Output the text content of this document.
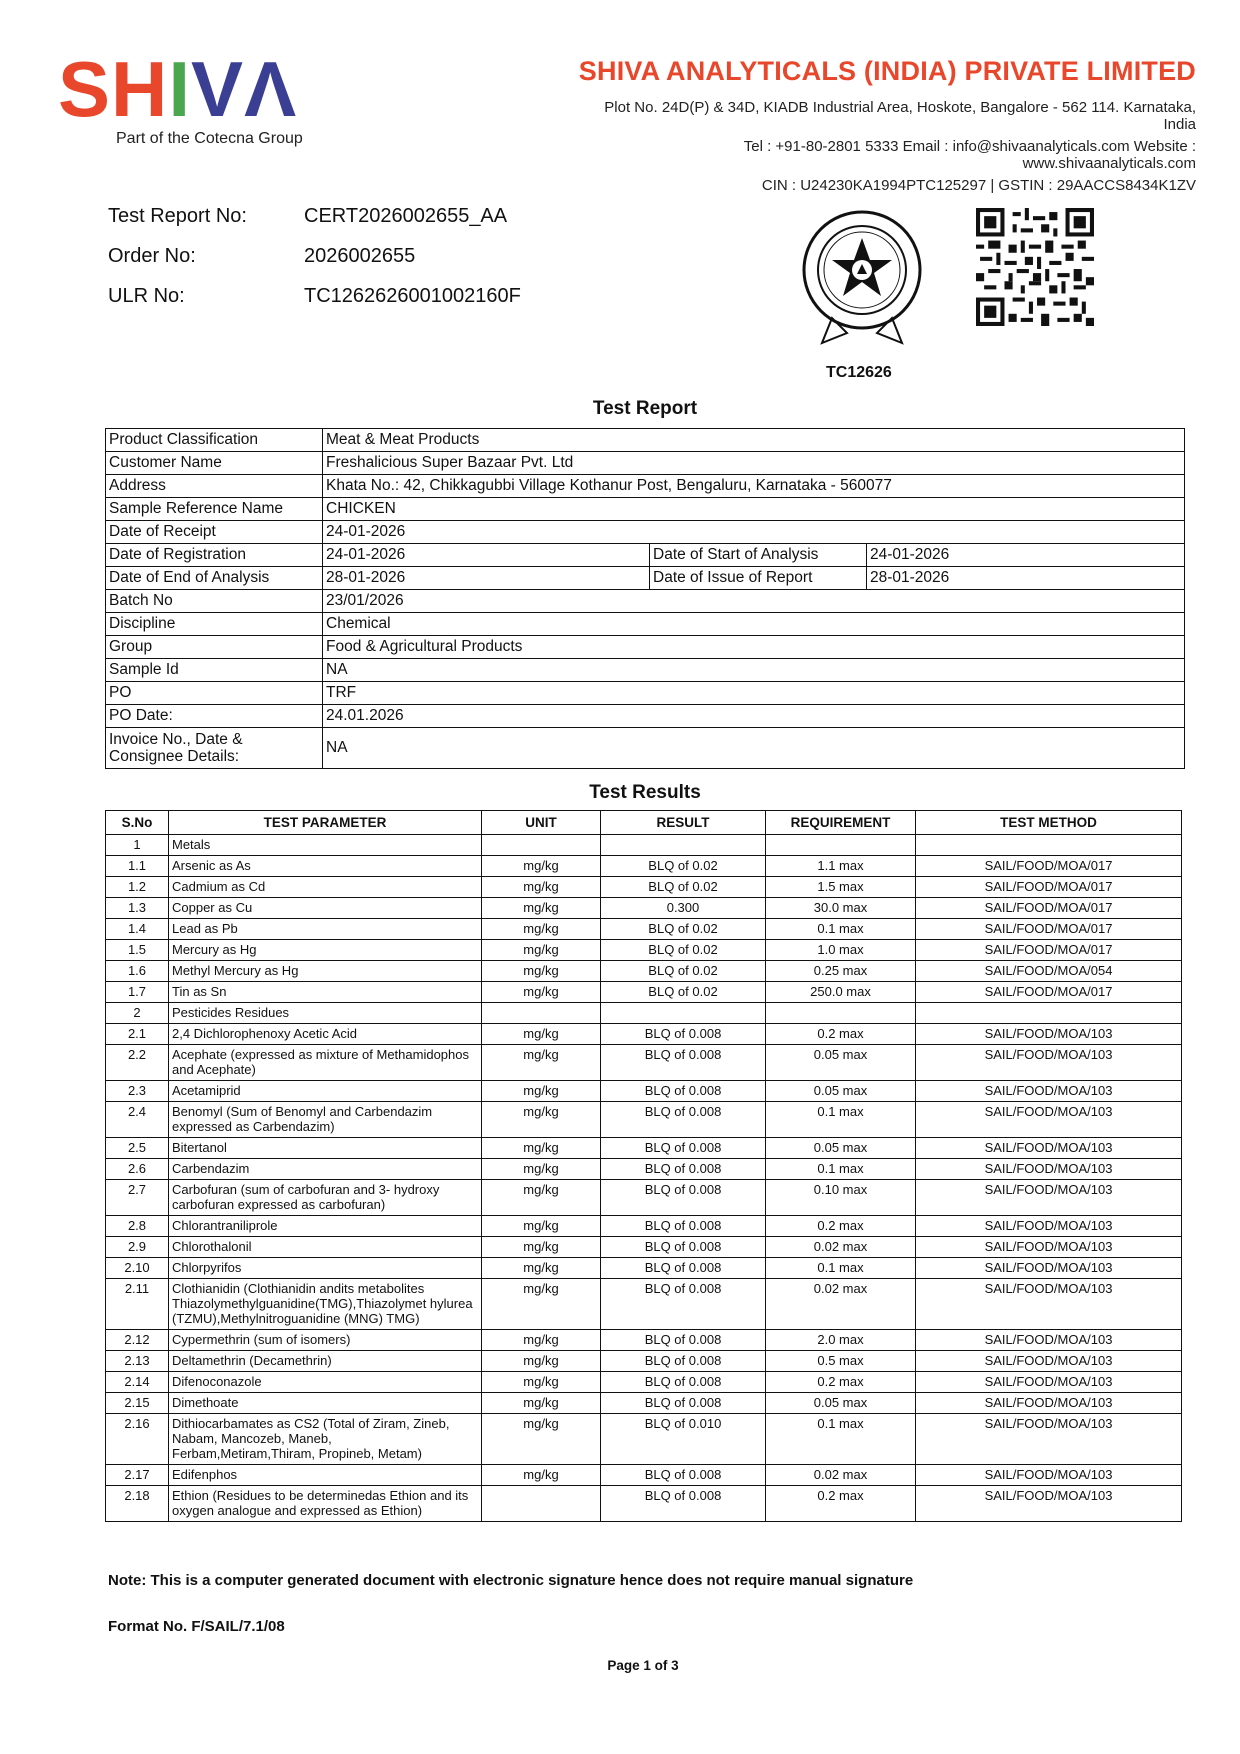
SHIVΛ
Part of the Cotecna Group
SHIVA ANALYTICALS (INDIA) PRIVATE LIMITED
Plot No. 24D(P) & 34D, KIADB Industrial Area, Hoskote, Bangalore - 562 114. Karnataka, India
Tel : +91-80-2801 5333 Email : info@shivaanalyticals.com Website : www.shivaanalyticals.com
CIN : U24230KA1994PTC125297 | GSTIN : 29AACCS8434K1ZV
Test Report No:	CERT2026002655_AA
Order No:	2026002655
ULR No:	TC1262626001002160F
TC12626
Test Report
Product Classification	Meat & Meat Products		
Customer Name	Freshalicious Super Bazaar Pvt. Ltd		
Address	Khata No.: 42, Chikkagubbi Village Kothanur Post, Bengaluru, Karnataka - 560077		
Sample Reference Name	CHICKEN		
Date of Receipt	24-01-2026		
Date of Registration	24-01-2026	Date of Start of Analysis	24-01-2026
Date of End of Analysis	28-01-2026	Date of Issue of Report	28-01-2026
Batch No	23/01/2026		
Discipline	Chemical		
Group	Food & Agricultural Products		
Sample Id	NA		
PO	TRF		
PO Date:	24.01.2026		
Invoice No., Date & Consignee Details:	NA		
Test Results
S.No	TEST PARAMETER	UNIT	RESULT	REQUIREMENT	TEST METHOD
1	Metals				
1.1	Arsenic as As	mg/kg	BLQ of 0.02	1.1 max	SAIL/FOOD/MOA/017
1.2	Cadmium as Cd	mg/kg	BLQ of 0.02	1.5 max	SAIL/FOOD/MOA/017
1.3	Copper as Cu	mg/kg	0.300	30.0 max	SAIL/FOOD/MOA/017
1.4	Lead as Pb	mg/kg	BLQ of 0.02	0.1 max	SAIL/FOOD/MOA/017
1.5	Mercury as Hg	mg/kg	BLQ of 0.02	1.0 max	SAIL/FOOD/MOA/017
1.6	Methyl Mercury as Hg	mg/kg	BLQ of 0.02	0.25 max	SAIL/FOOD/MOA/054
1.7	Tin as Sn	mg/kg	BLQ of 0.02	250.0 max	SAIL/FOOD/MOA/017
2	Pesticides Residues				
2.1	2,4 Dichlorophenoxy Acetic Acid	mg/kg	BLQ of 0.008	0.2 max	SAIL/FOOD/MOA/103
2.2	Acephate (expressed as mixture of Methamidophos and Acephate)	mg/kg	BLQ of 0.008	0.05 max	SAIL/FOOD/MOA/103
2.3	Acetamiprid	mg/kg	BLQ of 0.008	0.05 max	SAIL/FOOD/MOA/103
2.4	Benomyl (Sum of Benomyl and Carbendazim expressed as Carbendazim)	mg/kg	BLQ of 0.008	0.1 max	SAIL/FOOD/MOA/103
2.5	Bitertanol	mg/kg	BLQ of 0.008	0.05 max	SAIL/FOOD/MOA/103
2.6	Carbendazim	mg/kg	BLQ of 0.008	0.1 max	SAIL/FOOD/MOA/103
2.7	Carbofuran (sum of carbofuran and 3- hydroxy carbofuran expressed as carbofuran)	mg/kg	BLQ of 0.008	0.10 max	SAIL/FOOD/MOA/103
2.8	Chlorantraniliprole	mg/kg	BLQ of 0.008	0.2 max	SAIL/FOOD/MOA/103
2.9	Chlorothalonil	mg/kg	BLQ of 0.008	0.02 max	SAIL/FOOD/MOA/103
2.10	Chlorpyrifos	mg/kg	BLQ of 0.008	0.1 max	SAIL/FOOD/MOA/103
2.11	Clothianidin (Clothianidin andits metabolites Thiazolymethylguanidine(TMG),Thiazolymet hylurea (TZMU),Methylnitroguanidine (MNG) TMG)	mg/kg	BLQ of 0.008	0.02 max	SAIL/FOOD/MOA/103
2.12	Cypermethrin (sum of isomers)	mg/kg	BLQ of 0.008	2.0 max	SAIL/FOOD/MOA/103
2.13	Deltamethrin (Decamethrin)	mg/kg	BLQ of 0.008	0.5 max	SAIL/FOOD/MOA/103
2.14	Difenoconazole	mg/kg	BLQ of 0.008	0.2 max	SAIL/FOOD/MOA/103
2.15	Dimethoate	mg/kg	BLQ of 0.008	0.05 max	SAIL/FOOD/MOA/103
2.16	Dithiocarbamates as CS2 (Total of Ziram, Zineb, Nabam, Mancozeb, Maneb, Ferbam,Metiram,Thiram, Propineb, Metam)	mg/kg	BLQ of 0.010	0.1 max	SAIL/FOOD/MOA/103
2.17	Edifenphos	mg/kg	BLQ of 0.008	0.02 max	SAIL/FOOD/MOA/103
2.18	Ethion (Residues to be determinedas Ethion and its oxygen analogue and expressed as Ethion)		BLQ of 0.008	0.2 max	SAIL/FOOD/MOA/103
Note: This is a computer generated document with electronic signature hence does not require manual signature
Format No. F/SAIL/7.1/08
Page 1 of 3
